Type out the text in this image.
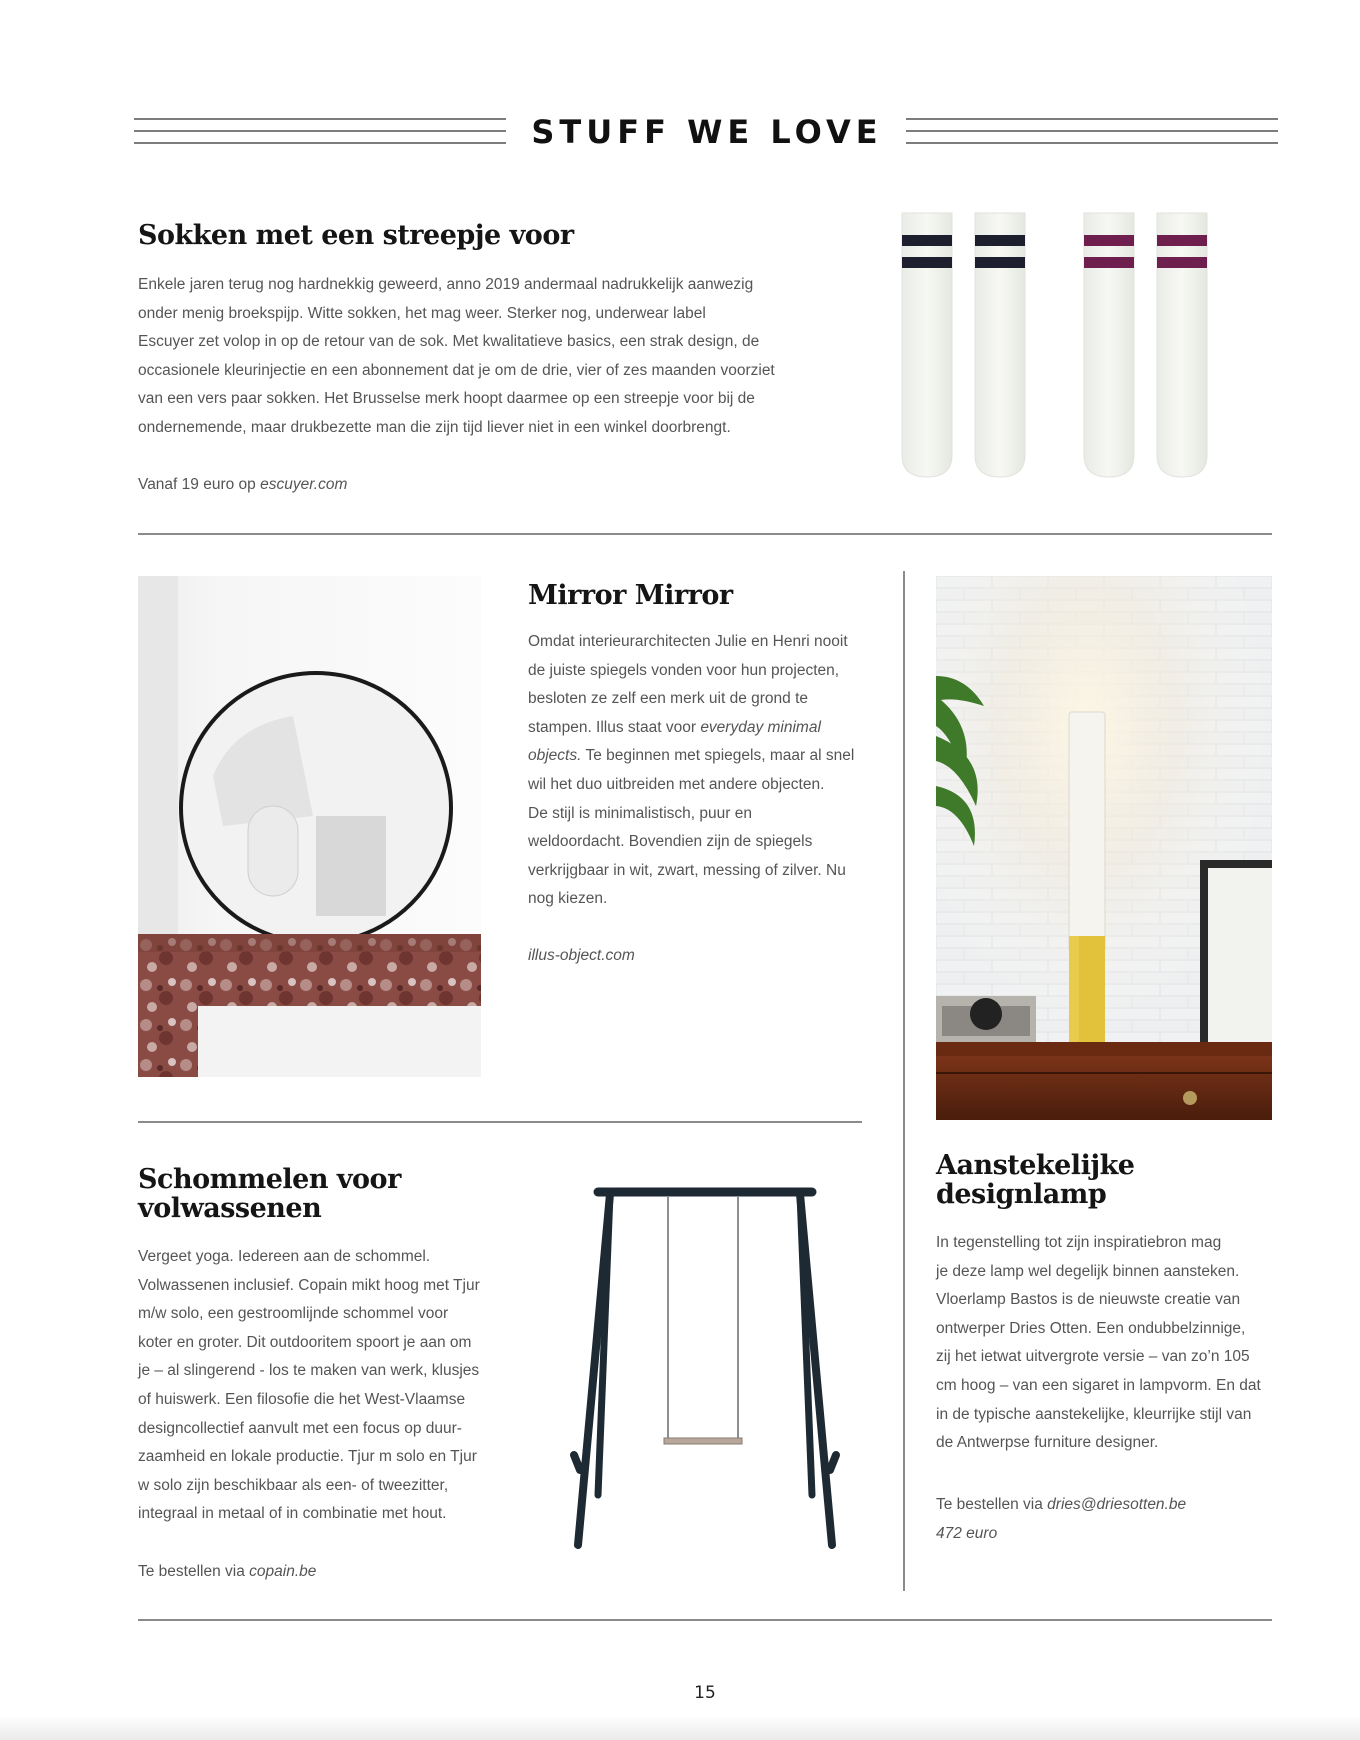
STUFF WE LOVE
Sokken met een streepje voor
Enkele jaren terug nog hardnekkig geweerd, anno 2019 andermaal nadrukkelijk aanwezig
onder menig broekspijp. Witte sokken, het mag weer. Sterker nog, underwear label
Escuyer zet volop in op de retour van de sok. Met kwalitatieve basics, een strak design, de
occasionele kleurinjectie en een abonnement dat je om de drie, vier of zes maanden voorziet
van een vers paar sokken. Het Brusselse merk hoopt daarmee op een streepje voor bij de
ondernemende, maar drukbezette man die zijn tijd liever niet in een winkel doorbrengt.
Vanaf 19 euro op escuyer.com
Mirror Mirror
Omdat interieurarchitecten Julie en Henri nooit
de juiste spiegels vonden voor hun projecten,
besloten ze zelf een merk uit de grond te
stampen. Illus staat voor everyday minimal
objects. Te beginnen met spiegels, maar al snel
wil het duo uitbreiden met andere objecten.
De stijl is minimalistisch, puur en
weldoordacht. Bovendien zijn de spiegels
verkrijgbaar in wit, zwart, messing of zilver. Nu
nog kiezen.
illus-object.com
Schommelen voor
volwassenen
Vergeet yoga. Iedereen aan de schommel.
Volwassenen inclusief. Copain mikt hoog met Tjur
m/w solo, een gestroomlijnde schommel voor
koter en groter. Dit outdooritem spoort je aan om
je – al slingerend - los te maken van werk, klusjes
of huiswerk. Een filosofie die het West-Vlaamse
designcollectief aanvult met een focus op duur-
zaamheid en lokale productie. Tjur m solo en Tjur
w solo zijn beschikbaar als een- of tweezitter,
integraal in metaal of in combinatie met hout.
Te bestellen via copain.be
Aanstekelijke
designlamp
In tegenstelling tot zijn inspiratiebron mag
je deze lamp wel degelijk binnen aansteken.
Vloerlamp Bastos is de nieuwste creatie van
ontwerper Dries Otten. Een ondubbelzinnige,
zij het ietwat uitvergrote versie – van zo’n 105
cm hoog – van een sigaret in lampvorm. En dat
in de typische aanstekelijke, kleurrijke stijl van
de Antwerpse furniture designer.
Te bestellen via dries@driesotten.be
472 euro
15
